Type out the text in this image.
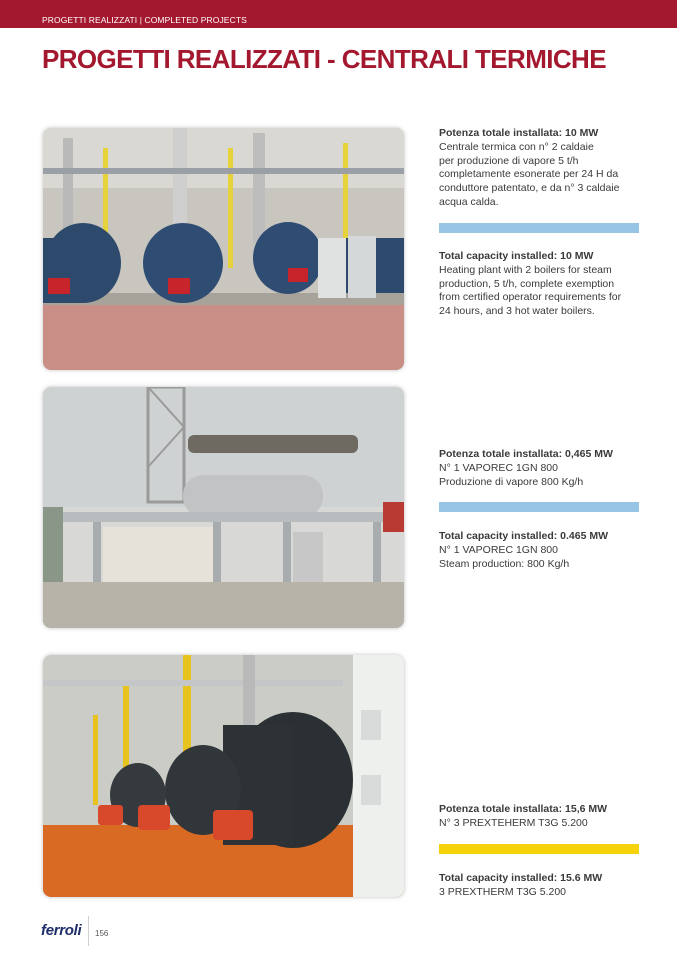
PROGETTI REALIZZATI | COMPLETED PROJECTS
PROGETTI REALIZZATI - CENTRALI TERMICHE
Potenza totale installata: 10 MW
Centrale termica con n° 2 caldaie
per produzione di vapore 5 t/h
completamente esonerate per 24 H da
conduttore patentato, e da n° 3 caldaie
acqua calda.
Total capacity installed: 10 MW
Heating plant with 2 boilers for steam
production, 5 t/h, complete exemption
from certified operator requirements for
24 hours, and 3 hot water boilers.
Potenza totale installata: 0,465 MW
N° 1 VAPOREC 1GN 800
Produzione di vapore 800 Kg/h
Total capacity installed: 0.465 MW
N° 1 VAPOREC 1GN 800
Steam production: 800 Kg/h
Potenza totale installata: 15,6 MW
N° 3 PREXTEHERM T3G 5.200
Total capacity installed: 15.6 MW
3 PREXTHERM T3G 5.200
ferroli 156
